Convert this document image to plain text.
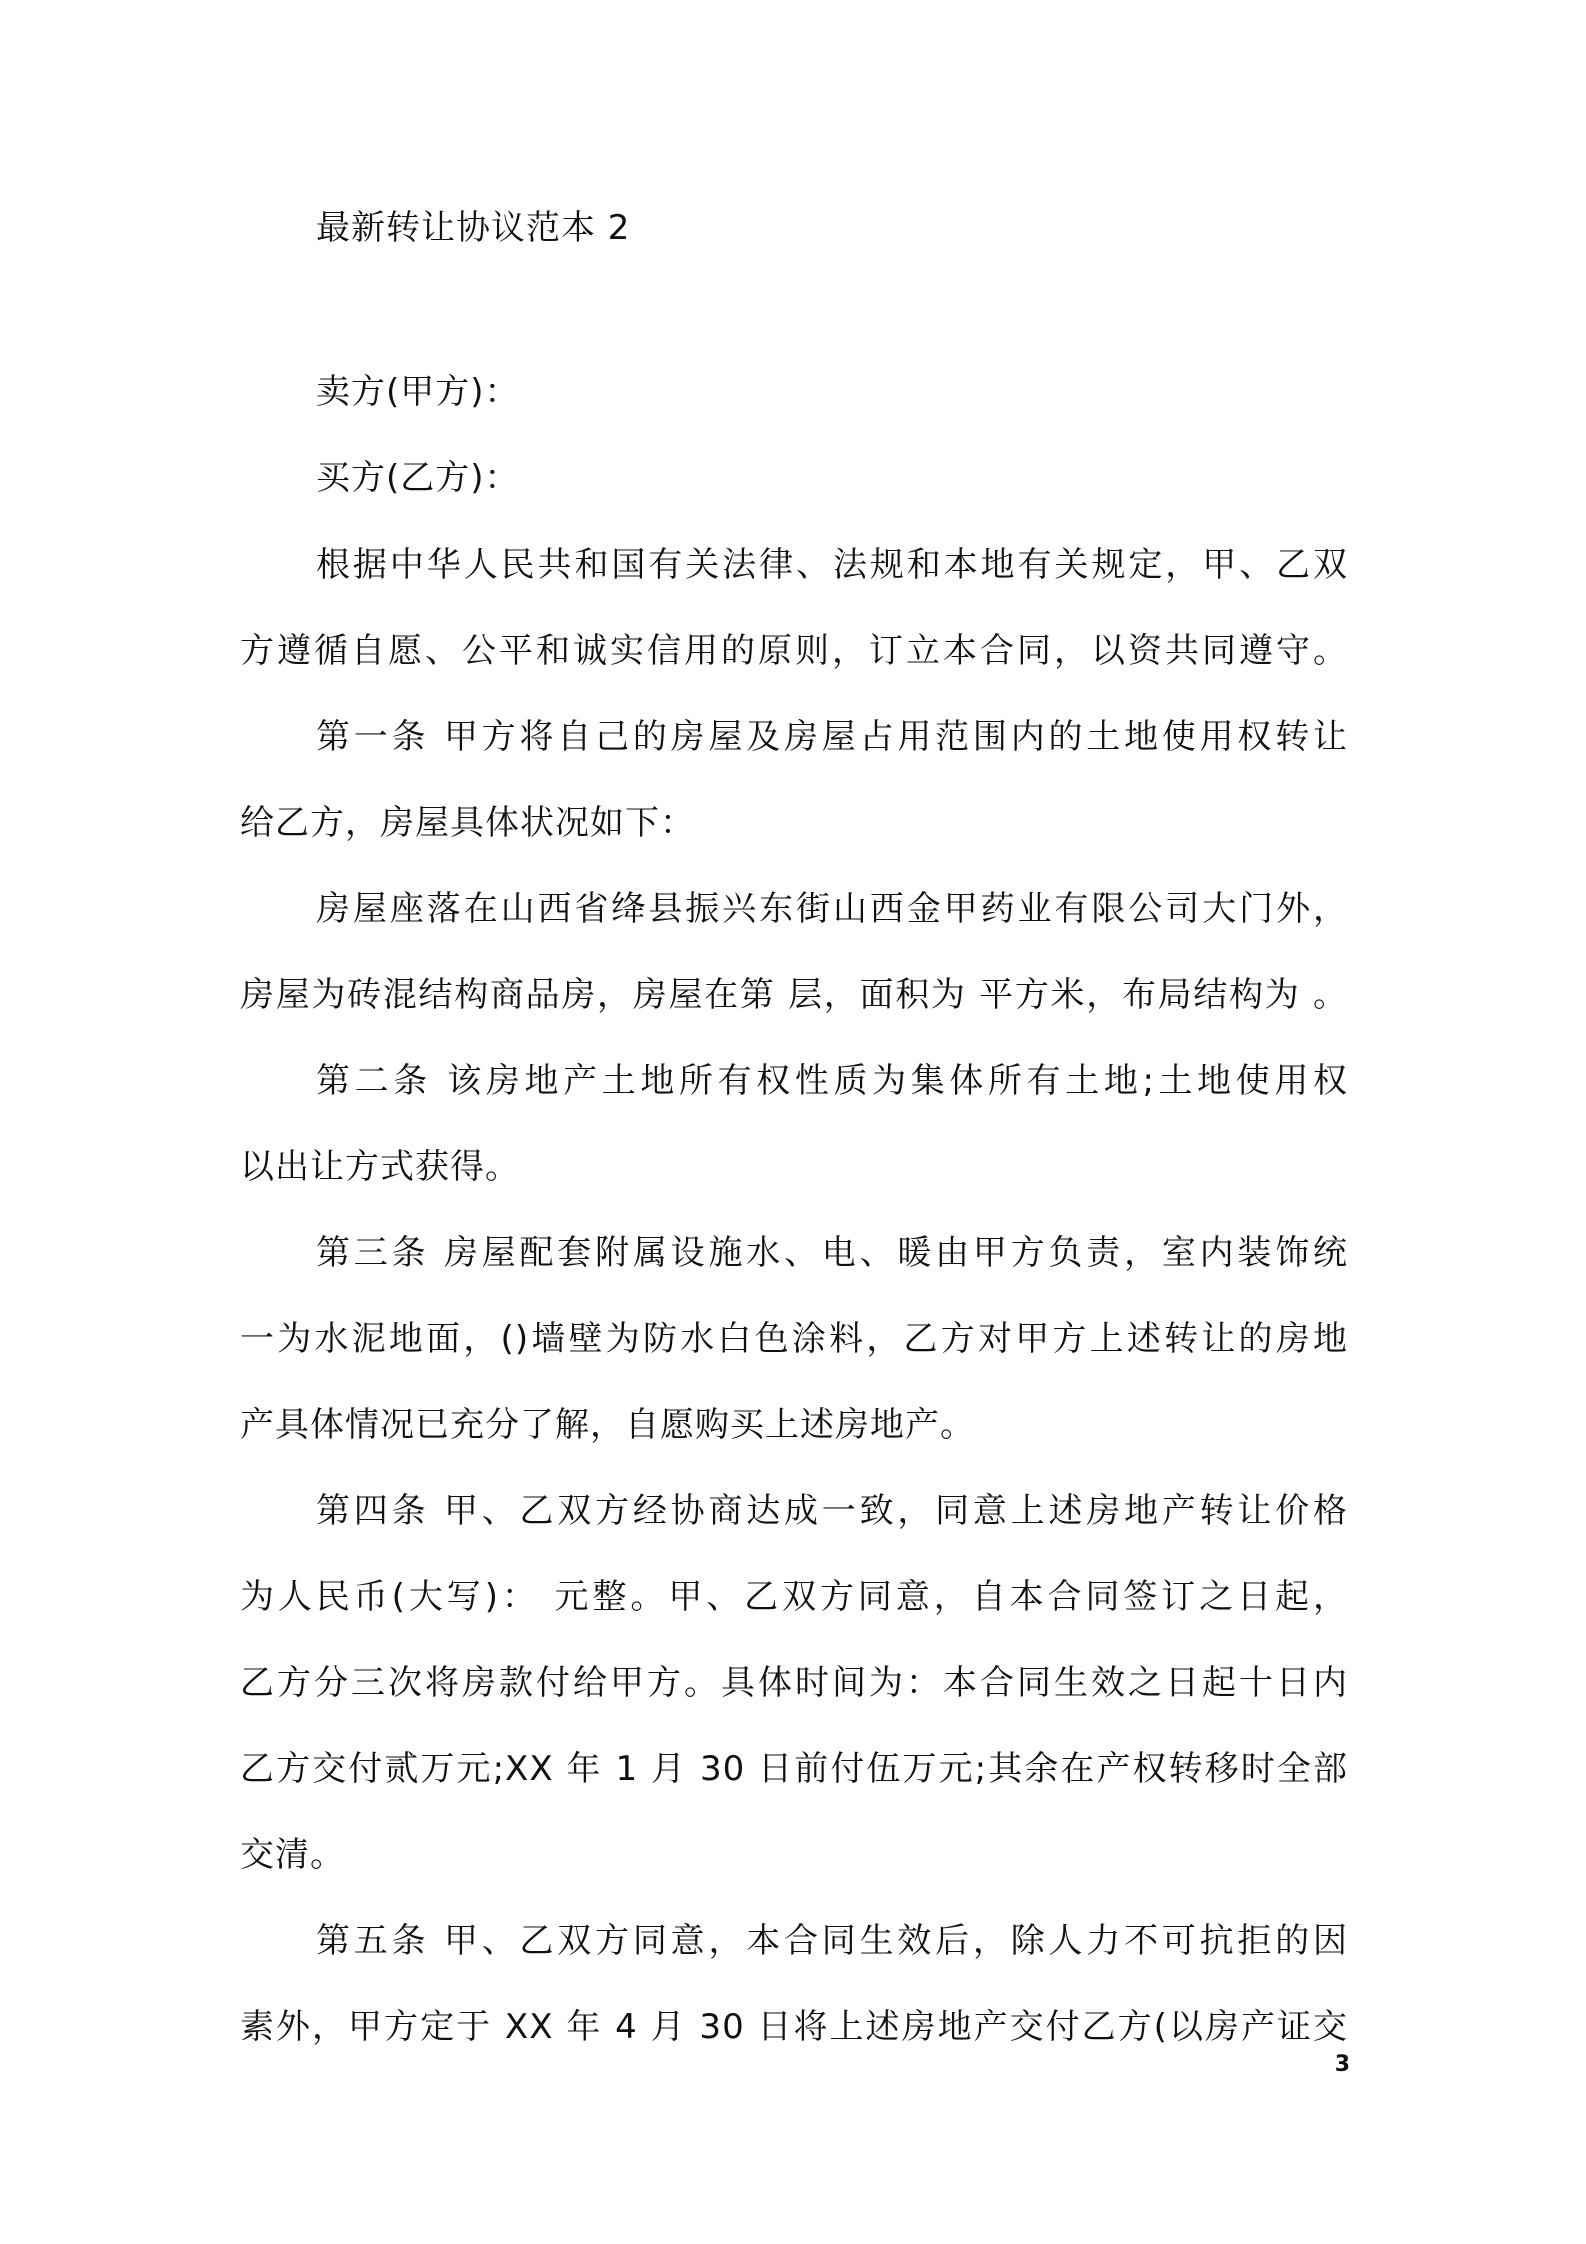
最新转让协议范本 2
卖方(甲方)：
买方(乙方)：
根据中华人民共和国有关法律、法规和本地有关规定，甲、乙双
方遵循自愿、公平和诚实信用的原则，订立本合同，以资共同遵守。
第一条 甲方将自己的房屋及房屋占用范围内的土地使用权转让
给乙方，房屋具体状况如下：
房屋座落在山西省绛县振兴东街山西金甲药业有限公司大门外，
房屋为砖混结构商品房，房屋在第 层，面积为 平方米，布局结构为 。
第二条 该房地产土地所有权性质为集体所有土地;土地使用权
以出让方式获得。
第三条 房屋配套附属设施水、电、暖由甲方负责，室内装饰统
一为水泥地面，()墙壁为防水白色涂料，乙方对甲方上述转让的房地
产具体情况已充分了解，自愿购买上述房地产。
第四条 甲、乙双方经协商达成一致，同意上述房地产转让价格
为人民币(大写)： 元整。甲、乙双方同意，自本合同签订之日起，
乙方分三次将房款付给甲方。具体时间为：本合同生效之日起十日内
乙方交付贰万元;XX 年 1 月 30 日前付伍万元;其余在产权转移时全部
交清。
第五条 甲、乙双方同意，本合同生效后，除人力不可抗拒的因
素外，甲方定于 XX 年 4 月 30 日将上述房地产交付乙方(以房产证交
3
